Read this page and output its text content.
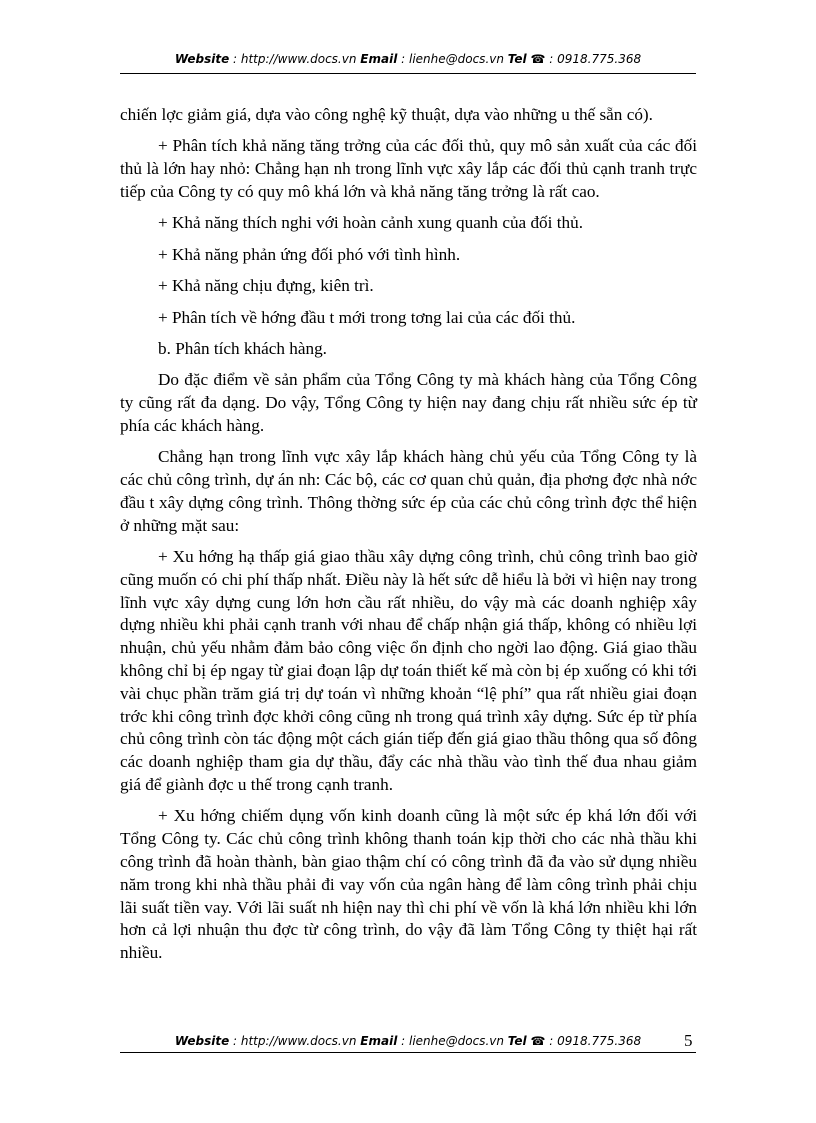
Website : http://www.docs.vn Email : lienhe@docs.vn Tel ☎ : 0918.775.368

chiến lợc giảm giá, dựa vào công nghệ kỹ thuật, dựa vào những u thế sẵn có).

+ Phân tích khả năng tăng trởng của các đối thủ, quy mô sản xuất của các đối thủ là lớn hay nhỏ: Chẳng hạn nh trong lĩnh vực xây lắp các đối thủ cạnh tranh trực tiếp của Công ty có quy mô khá lớn và khả năng tăng trởng là rất cao.

+ Khả năng thích nghi với hoàn cảnh xung quanh của đối thủ.

+ Khả năng phản ứng đối phó với tình hình.

+ Khả năng chịu đựng, kiên trì.

+ Phân tích về hớng đầu t mới trong tơng lai của các đối thủ.

b. Phân tích khách hàng.

Do đặc điểm về sản phẩm của Tổng Công ty mà khách hàng của Tổng Công ty cũng rất đa dạng. Do vậy, Tổng Công ty hiện nay đang chịu rất nhiều sức ép từ phía các khách hàng.

Chẳng hạn trong lĩnh vực xây lắp khách hàng chủ yếu của Tổng Công ty là các chủ công trình, dự án nh: Các bộ, các cơ quan chủ quản, địa phơng đợc nhà nớc đầu t xây dựng công trình. Thông thờng sức ép của các chủ công trình đợc thể hiện ở những mặt sau:

+ Xu hớng hạ thấp giá giao thầu xây dựng công trình, chủ công trình bao giờ cũng muốn có chi phí thấp nhất. Điều này là hết sức dễ hiểu là bởi vì hiện nay trong lĩnh vực xây dựng cung lớn hơn cầu rất nhiều, do vậy mà các doanh nghiệp xây dựng nhiều khi phải cạnh tranh với nhau để chấp nhận giá thấp, không có nhiều lợi nhuận, chủ yếu nhằm đảm bảo công việc ổn định cho ngời lao động. Giá giao thầu không chỉ bị ép ngay từ giai đoạn lập dự toán thiết kế mà còn bị ép xuống có khi tới vài chục phần trăm giá trị dự toán vì những khoản “lệ phí” qua rất nhiều giai đoạn trớc khi công trình đợc khởi công cũng nh trong quá trình xây dựng. Sức ép từ phía chủ công trình còn tác động một cách gián tiếp đến giá giao thầu thông qua số đông các doanh nghiệp tham gia dự thầu, đẩy các nhà thầu vào tình thế đua nhau giảm giá để giành đợc u thế trong cạnh tranh.

+ Xu hớng chiếm dụng vốn kinh doanh cũng là một sức ép khá lớn đối với Tổng Công ty. Các chủ công trình không thanh toán kịp thời cho các nhà thầu khi công trình đã hoàn thành, bàn giao thậm chí có công trình đã đa vào sử dụng nhiều năm trong khi nhà thầu phải đi vay vốn của ngân hàng để làm công trình phải chịu lãi suất tiền vay. Với lãi suất nh hiện nay thì chi phí về vốn là khá lớn nhiều khi lớn hơn cả lợi nhuận thu đợc từ công trình, do vậy đã làm Tổng Công ty thiệt hại rất nhiều.

Website : http://www.docs.vn Email : lienhe@docs.vn Tel ☎ : 0918.775.368	5
